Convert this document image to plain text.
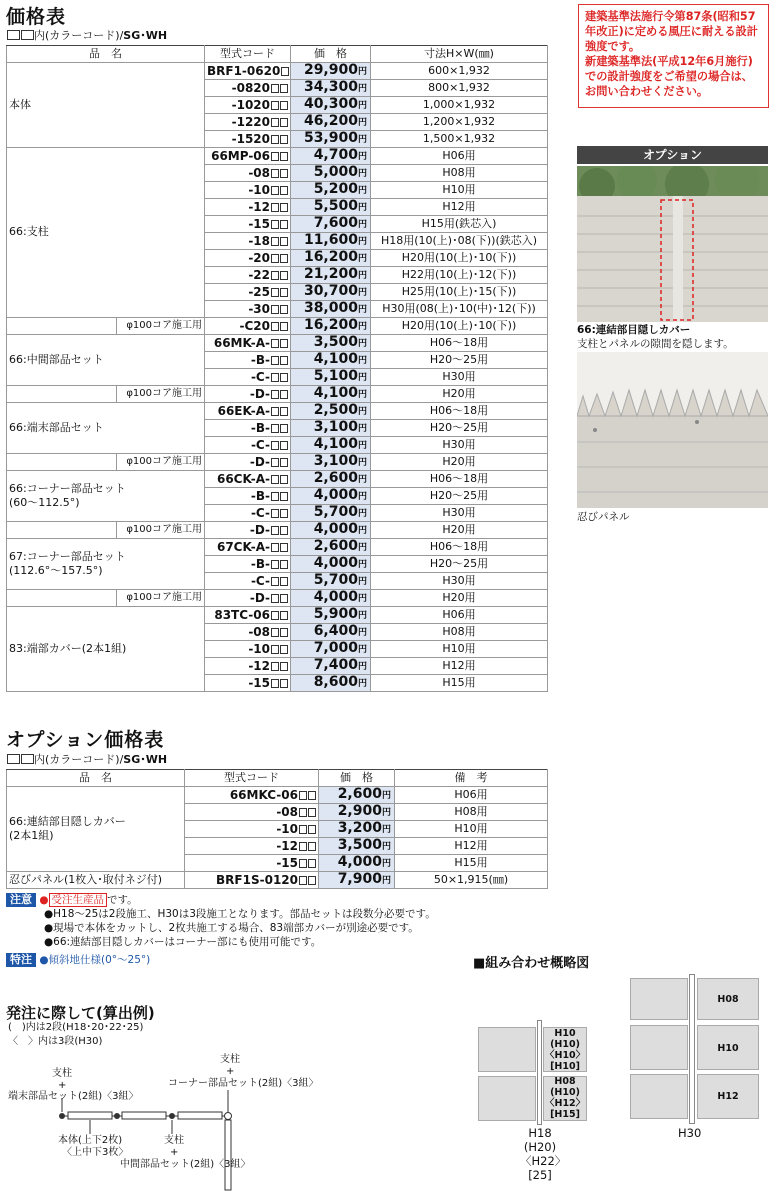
価格表
内(カラーコード)/SG･WH
品　名		型式コード	価　格	寸法H×W(㎜)
本体		BRF1-0620	29,900円	600×1,932
		-0820	34,300円	800×1,932
		-1020	40,300円	1,000×1,932
		-1220	46,200円	1,200×1,932
		-1520	53,900円	1,500×1,932
66:支柱		66MP-06	4,700円	H06用
		-08	5,000円	H08用
		-10	5,200円	H10用
		-12	5,500円	H12用
		-15	7,600円	H15用(鉄芯入)
		-18	11,600円	H18用(10(上)･08(下))(鉄芯入)
		-20	16,200円	H20用(10(上)･10(下))
		-22	21,200円	H22用(10(上)･12(下))
		-25	30,700円	H25用(10(上)･15(下))
		-30	38,000円	H30用(08(上)･10(中)･12(下))
	φ100コア施工用	-C20	16,200円	H20用(10(上)･10(下))
66:中間部品セット		66MK-A-	3,500円	H06～18用
		-B-	4,100円	H20～25用
		-C-	5,100円	H30用
	φ100コア施工用	-D-	4,100円	H20用
66:端末部品セット		66EK-A-	2,500円	H06～18用
		-B-	3,100円	H20～25用
		-C-	4,100円	H30用
	φ100コア施工用	-D-	3,100円	H20用
66:コーナー部品セット
(60～112.5°)		66CK-A-	2,600円	H06～18用
		-B-	4,000円	H20～25用
		-C-	5,700円	H30用
	φ100コア施工用	-D-	4,000円	H20用
67:コーナー部品セット
(112.6°～157.5°)		67CK-A-	2,600円	H06～18用
		-B-	4,000円	H20～25用
		-C-	5,700円	H30用
	φ100コア施工用	-D-	4,000円	H20用
83:端部カバー(2本1組)		83TC-06	5,900円	H06用
		-08	6,400円	H08用
		-10	7,000円	H10用
		-12	7,400円	H12用
		-15	8,600円	H15用
建築基準法施行令第87条(昭和57年改正)に定める風圧に耐える設計強度です。
新建築基準法(平成12年6月施行)での設計強度をご希望の場合は、お問い合わせください。
オプション
66:連結部目隠しカバー
支柱とパネルの隙間を隠します。
忍びパネル
オプション価格表
内(カラーコード)/SG･WH
品　名	型式コード	価　格	備　考
66:連結部目隠しカバー
(2本1組)	66MKC-06	2,600円	H06用
	-08	2,900円	H08用
	-10	3,200円	H10用
	-12	3,500円	H12用
	-15	4,000円	H15用
忍びパネル(1枚入･取付ネジ付)	BRF1S-0120	7,900円	50×1,915(㎜)
注意 ● 受注生産品 です。
●H18～25は2段施工、H30は3段施工となります。部品セットは段数分必要です。
●現場で本体をカットし、2枚共施工する場合、83端部カバーが別途必要です。
●66:連結部目隠しカバーはコーナー部にも使用可能です。
特注 ●傾斜地仕様(0°～25°)
発注に際して(算出例)
(　)内は2段(H18･20･22･25)
〈　〉内は3段(H30)
支柱
+
コーナー部品セット(2組)〈3組〉
支柱
+
端末部品セット(2組)〈3組〉
本体(上下2枚)
〈上中下3枚〉
支柱
+
中間部品セット(2組)〈3組〉
■組み合わせ概略図
H10
(H10)
〈H10〉
[H10]
H08
(H10)
〈H12〉
[H15]
H18
(H20)
〈H22〉
[25]
H08
H10
H12
H30
